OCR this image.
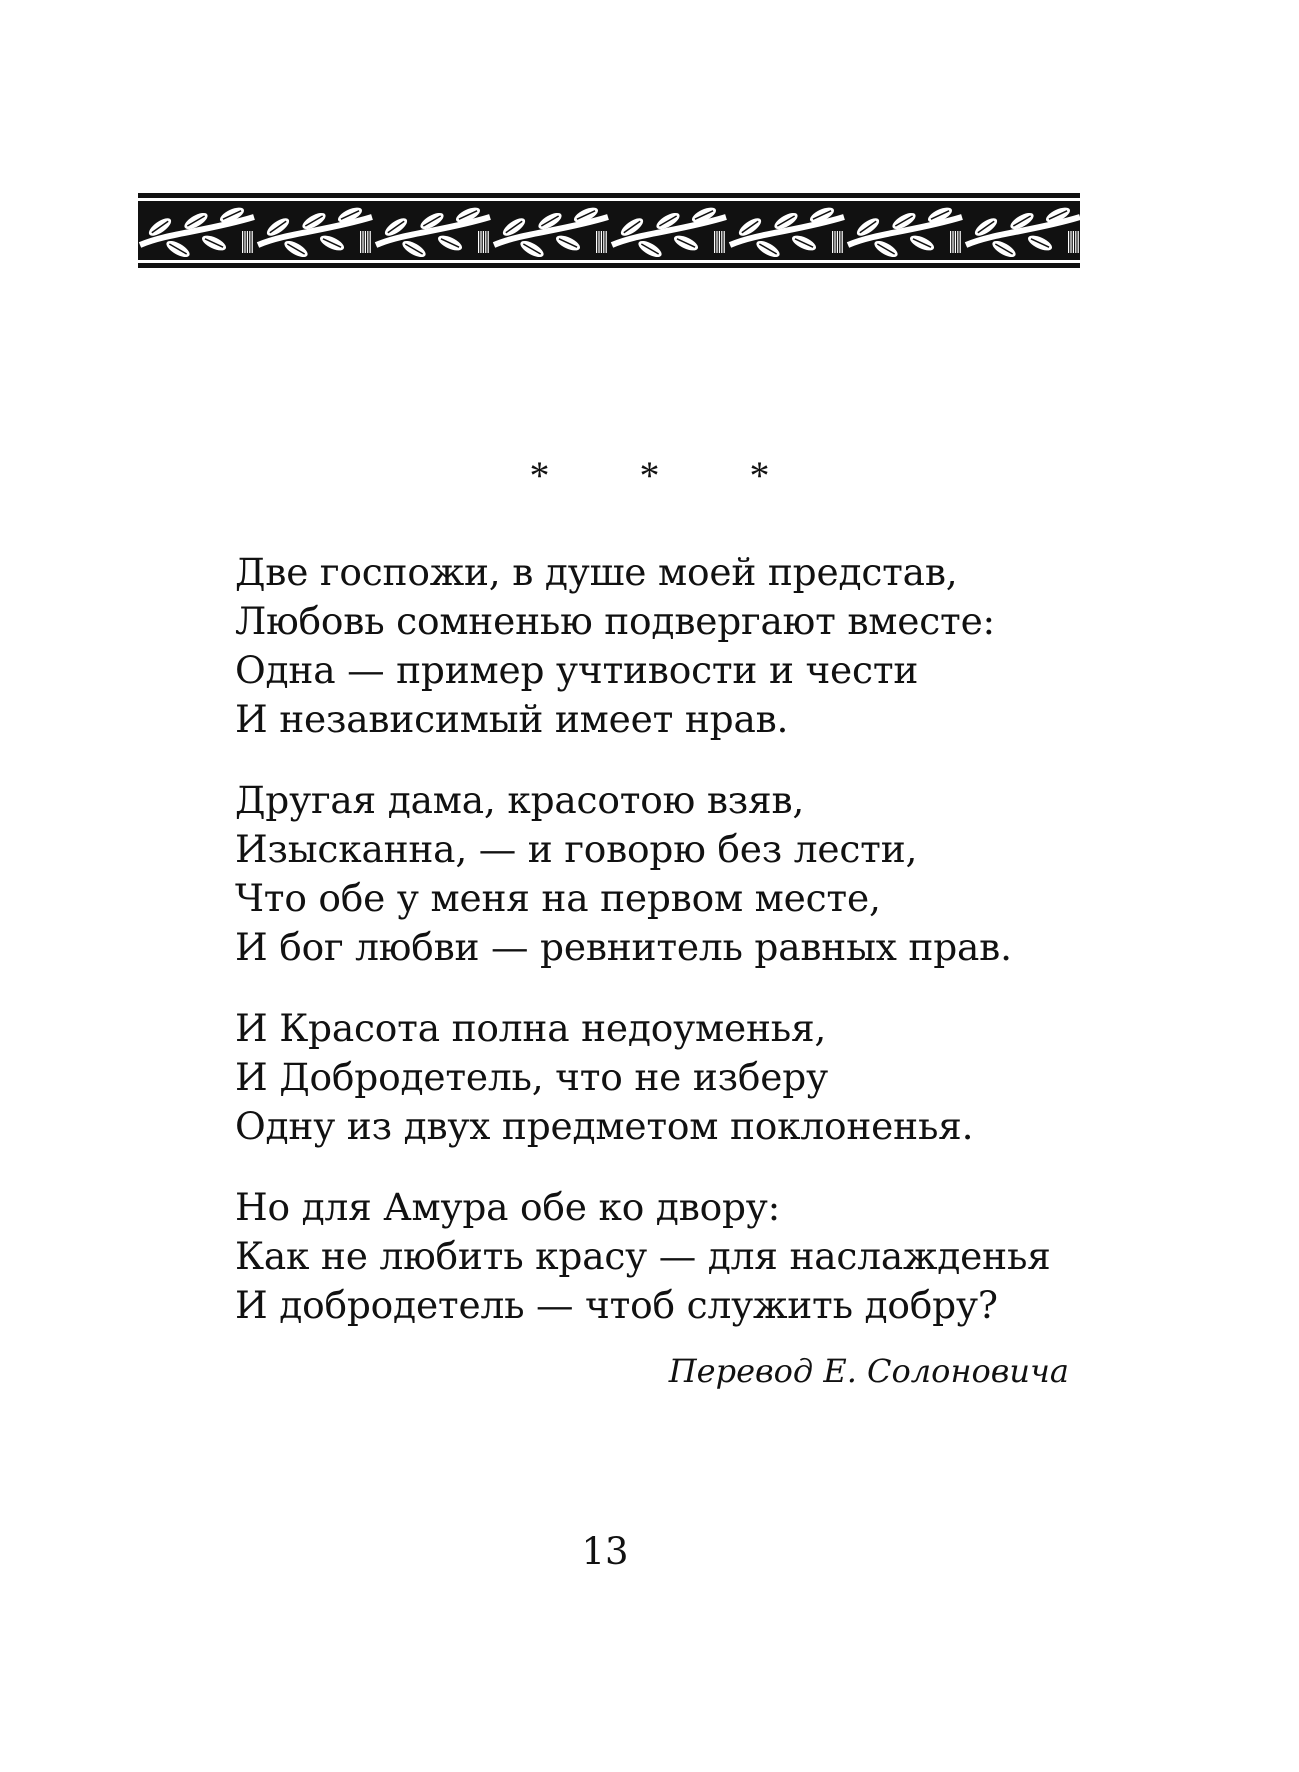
* * *
Две госпожи, в душе моей представ,
Любовь сомненью подвергают вместе:
Одна — пример учтивости и чести
И независимый имеет нрав.
Другая дама, красотою взяв,
Изысканна, — и говорю без лести,
Что обе у меня на первом месте,
И бог любви — ревнитель равных прав.
И Красота полна недоуменья,
И Добродетель, что не изберу
Одну из двух предметом поклоненья.
Но для Амура обе ко двору:
Как не любить красу — для наслажденья
И добродетель — чтоб служить добру?
Перевод Е. Солоновича
13
